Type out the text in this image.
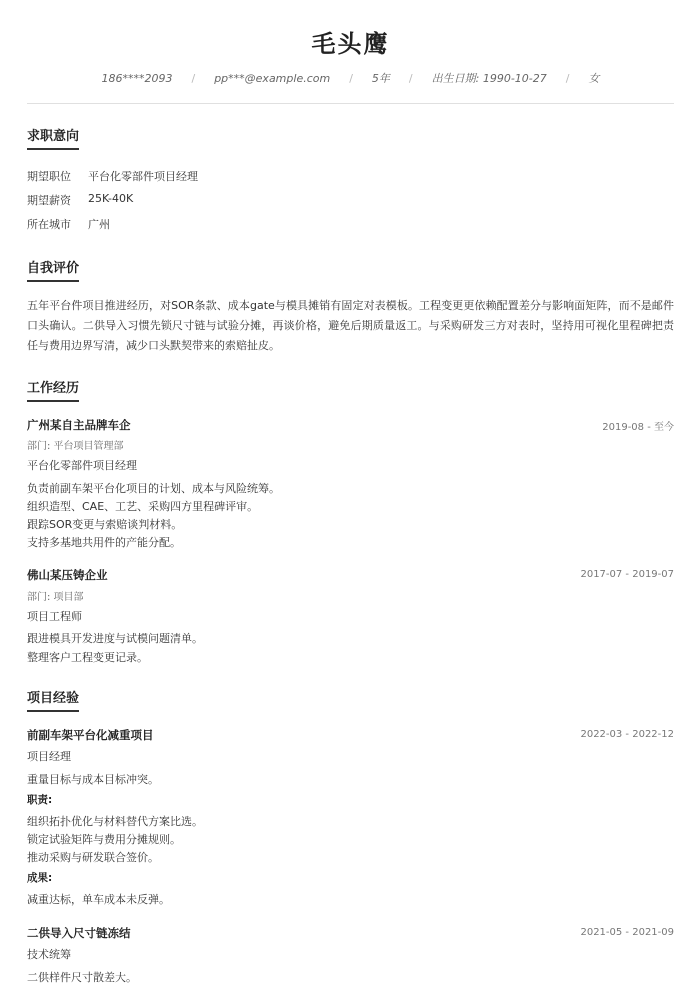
毛头鹰
186****2093 / pp***@example.com / 5年 / 出生日期: 1990-10-27 / 女
求职意向
期望职位 平台化零部件项目经理
期望薪资 25K-40K
所在城市 广州
自我评价
五年平台件项目推进经历，对SOR条款、成本gate与模具摊销有固定对表模板。工程变更更依赖配置差分与影响面矩阵，而不是邮件口头确认。二供导入习惯先锁尺寸链与试验分摊，再谈价格，避免后期质量返工。与采购研发三方对表时，坚持用可视化里程碑把责任与费用边界写清，减少口头默契带来的索赔扯皮。
工作经历
广州某自主品牌车企	2019-08 - 至今
部门: 平台项目管理部
平台化零部件项目经理
负责前副车架平台化项目的计划、成本与风险统筹。
组织造型、CAE、工艺、采购四方里程碑评审。
跟踪SOR变更与索赔谈判材料。
支持多基地共用件的产能分配。
佛山某压铸企业	2017-07 - 2019-07
部门: 项目部
项目工程师
跟进模具开发进度与试模问题清单。
整理客户工程变更记录。
项目经验
前副车架平台化减重项目	2022-03 - 2022-12
项目经理
重量目标与成本目标冲突。
职责:
组织拓扑优化与材料替代方案比选。
锁定试验矩阵与费用分摊规则。
推动采购与研发联合签价。
成果:
减重达标，单车成本未反弹。
二供导入尺寸链冻结	2021-05 - 2021-09
技术统筹
二供样件尺寸散差大。
